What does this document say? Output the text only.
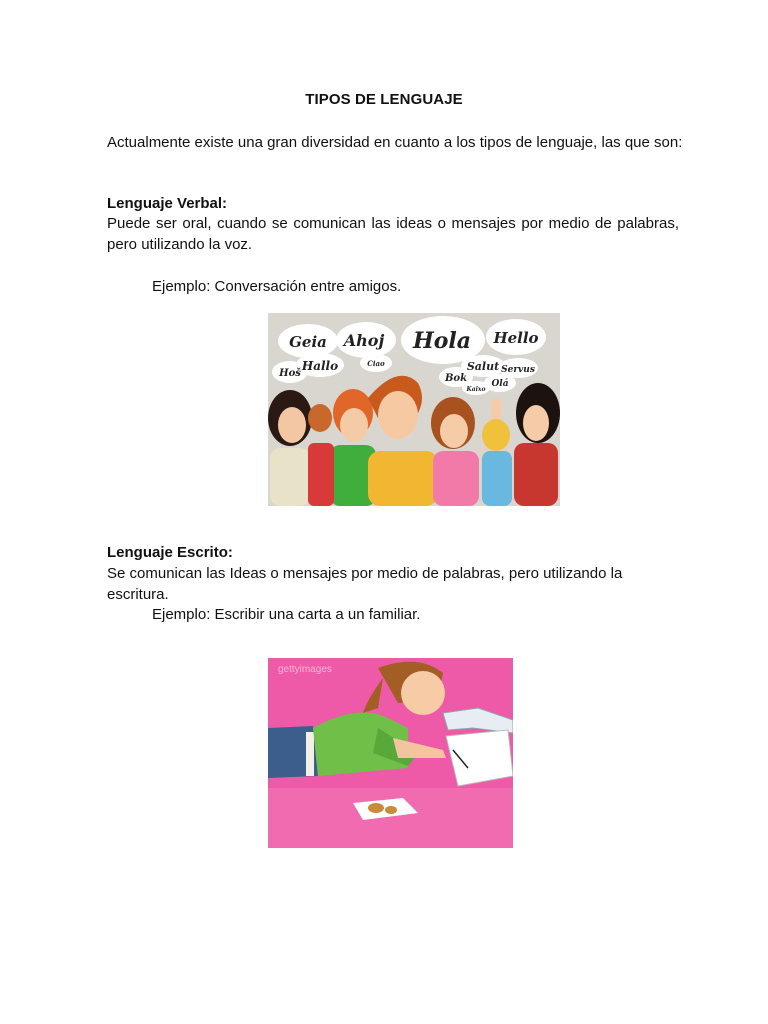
TIPOS DE LENGUAJE
Actualmente existe una gran diversidad en cuanto a los tipos de lenguaje, las que son:
Lenguaje Verbal:
Puede ser oral, cuando se comunican las ideas o mensajes por medio de palabras, pero utilizando la voz.
Ejemplo: Conversación entre amigos.
Geia Ahoj Hola Hello
Hallo	Ciao	Salut Servus
Hoš	Bok	Olá
Kaixo
Lenguaje Escrito:
Se comunican las Ideas o mensajes por medio de palabras, pero utilizando la escritura.
Ejemplo: Escribir una carta a un familiar.
gettyimages
